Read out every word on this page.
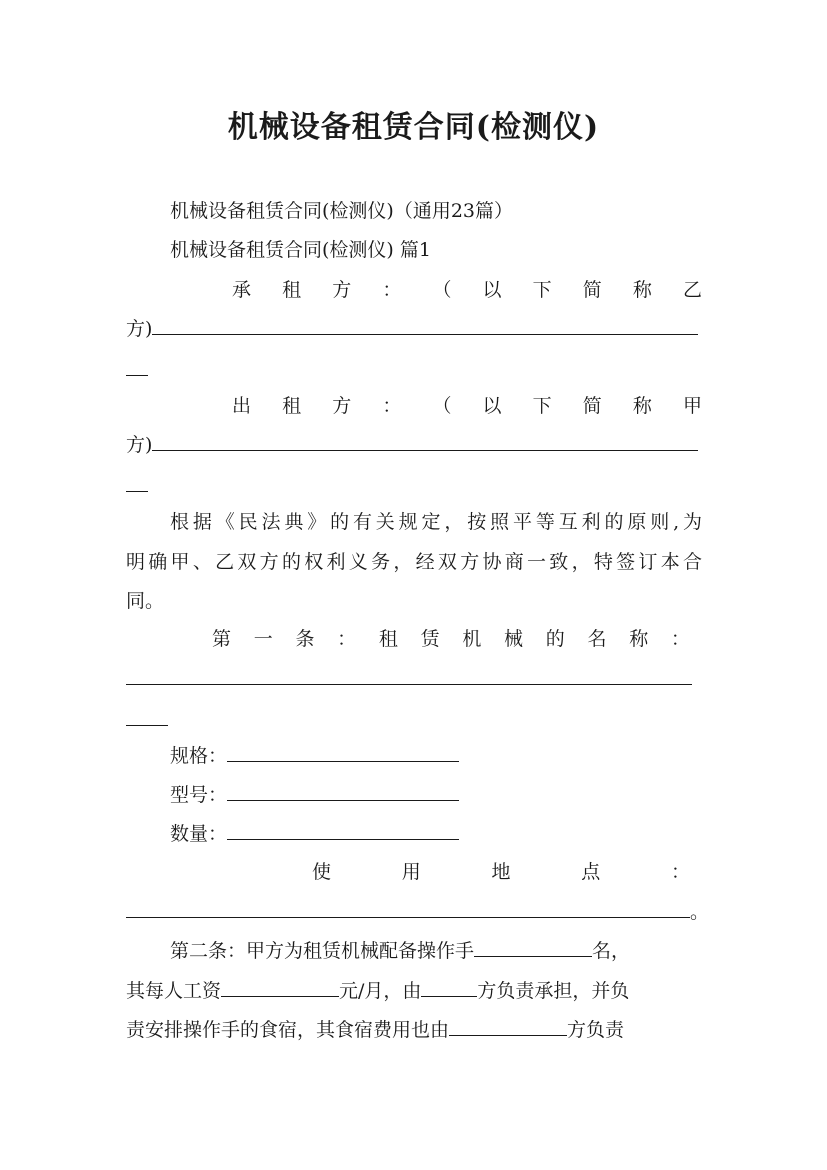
机械设备租赁合同(检测仪)
机械设备租赁合同(检测仪)（通用23篇）
机械设备租赁合同(检测仪) 篇1
承 租 方 ： （ 以 下 简 称 乙
方)
出 租 方 ： （ 以 下 简 称 甲
方)
根据《民法典》的有关规定，按照平等互利的原则,为
明确甲、乙双方的权利义务，经双方协商一致，特签订本合
同。
第 一 条 ： 租 赁 机 械 的 名 称 ：
规格：
型号：
数量：
使	用	地	点	：
。
第二条：甲方为租赁机械配备操作手	名，
其每人工资	元/月，由	方负责承担，并负
责安排操作手的食宿，其食宿费用也由	方负责
